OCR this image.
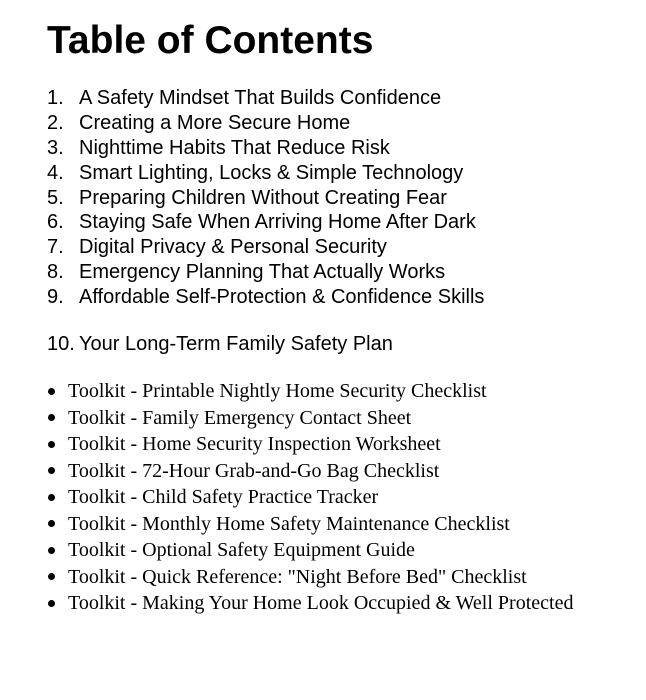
Table of Contents
1. A Safety Mindset That Builds Confidence
2. Creating a More Secure Home
3. Nighttime Habits That Reduce Risk
4. Smart Lighting, Locks & Simple Technology
5. Preparing Children Without Creating Fear
6. Staying Safe When Arriving Home After Dark
7. Digital Privacy & Personal Security
8. Emergency Planning That Actually Works
9. Affordable Self-Protection & Confidence Skills
10. Your Long-Term Family Safety Plan
Toolkit - Printable Nightly Home Security Checklist
Toolkit - Family Emergency Contact Sheet
Toolkit - Home Security Inspection Worksheet
Toolkit - 72-Hour Grab-and-Go Bag Checklist
Toolkit - Child Safety Practice Tracker
Toolkit - Monthly Home Safety Maintenance Checklist
Toolkit - Optional Safety Equipment Guide
Toolkit - Quick Reference: "Night Before Bed" Checklist
Toolkit - Making Your Home Look Occupied & Well Protected
